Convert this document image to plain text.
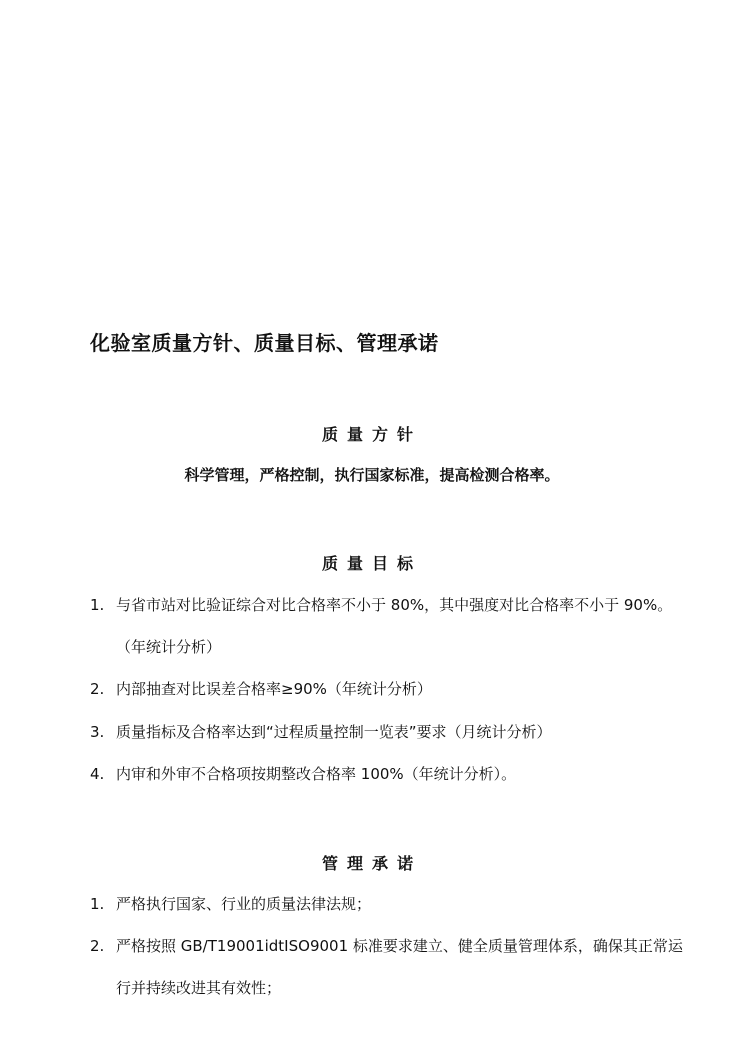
化验室质量方针、质量目标、管理承诺
质量方针

科学管理，严格控制，执行国家标准，提高检测合格率。

质量目标
1. 与省市站对比验证综合对比合格率不小于 80%，其中强度对比合格率不小于 90%。（年统计分析）
2. 内部抽查对比误差合格率≥90%（年统计分析）
3. 质量指标及合格率达到“过程质量控制一览表”要求（月统计分析）
4. 内审和外审不合格项按期整改合格率 100%（年统计分析）。
管理承诺
1. 严格执行国家、行业的质量法律法规；
2. 严格按照 GB/T19001idtISO9001 标准要求建立、健全质量管理体系，确保其正常运行并持续改进其有效性；
